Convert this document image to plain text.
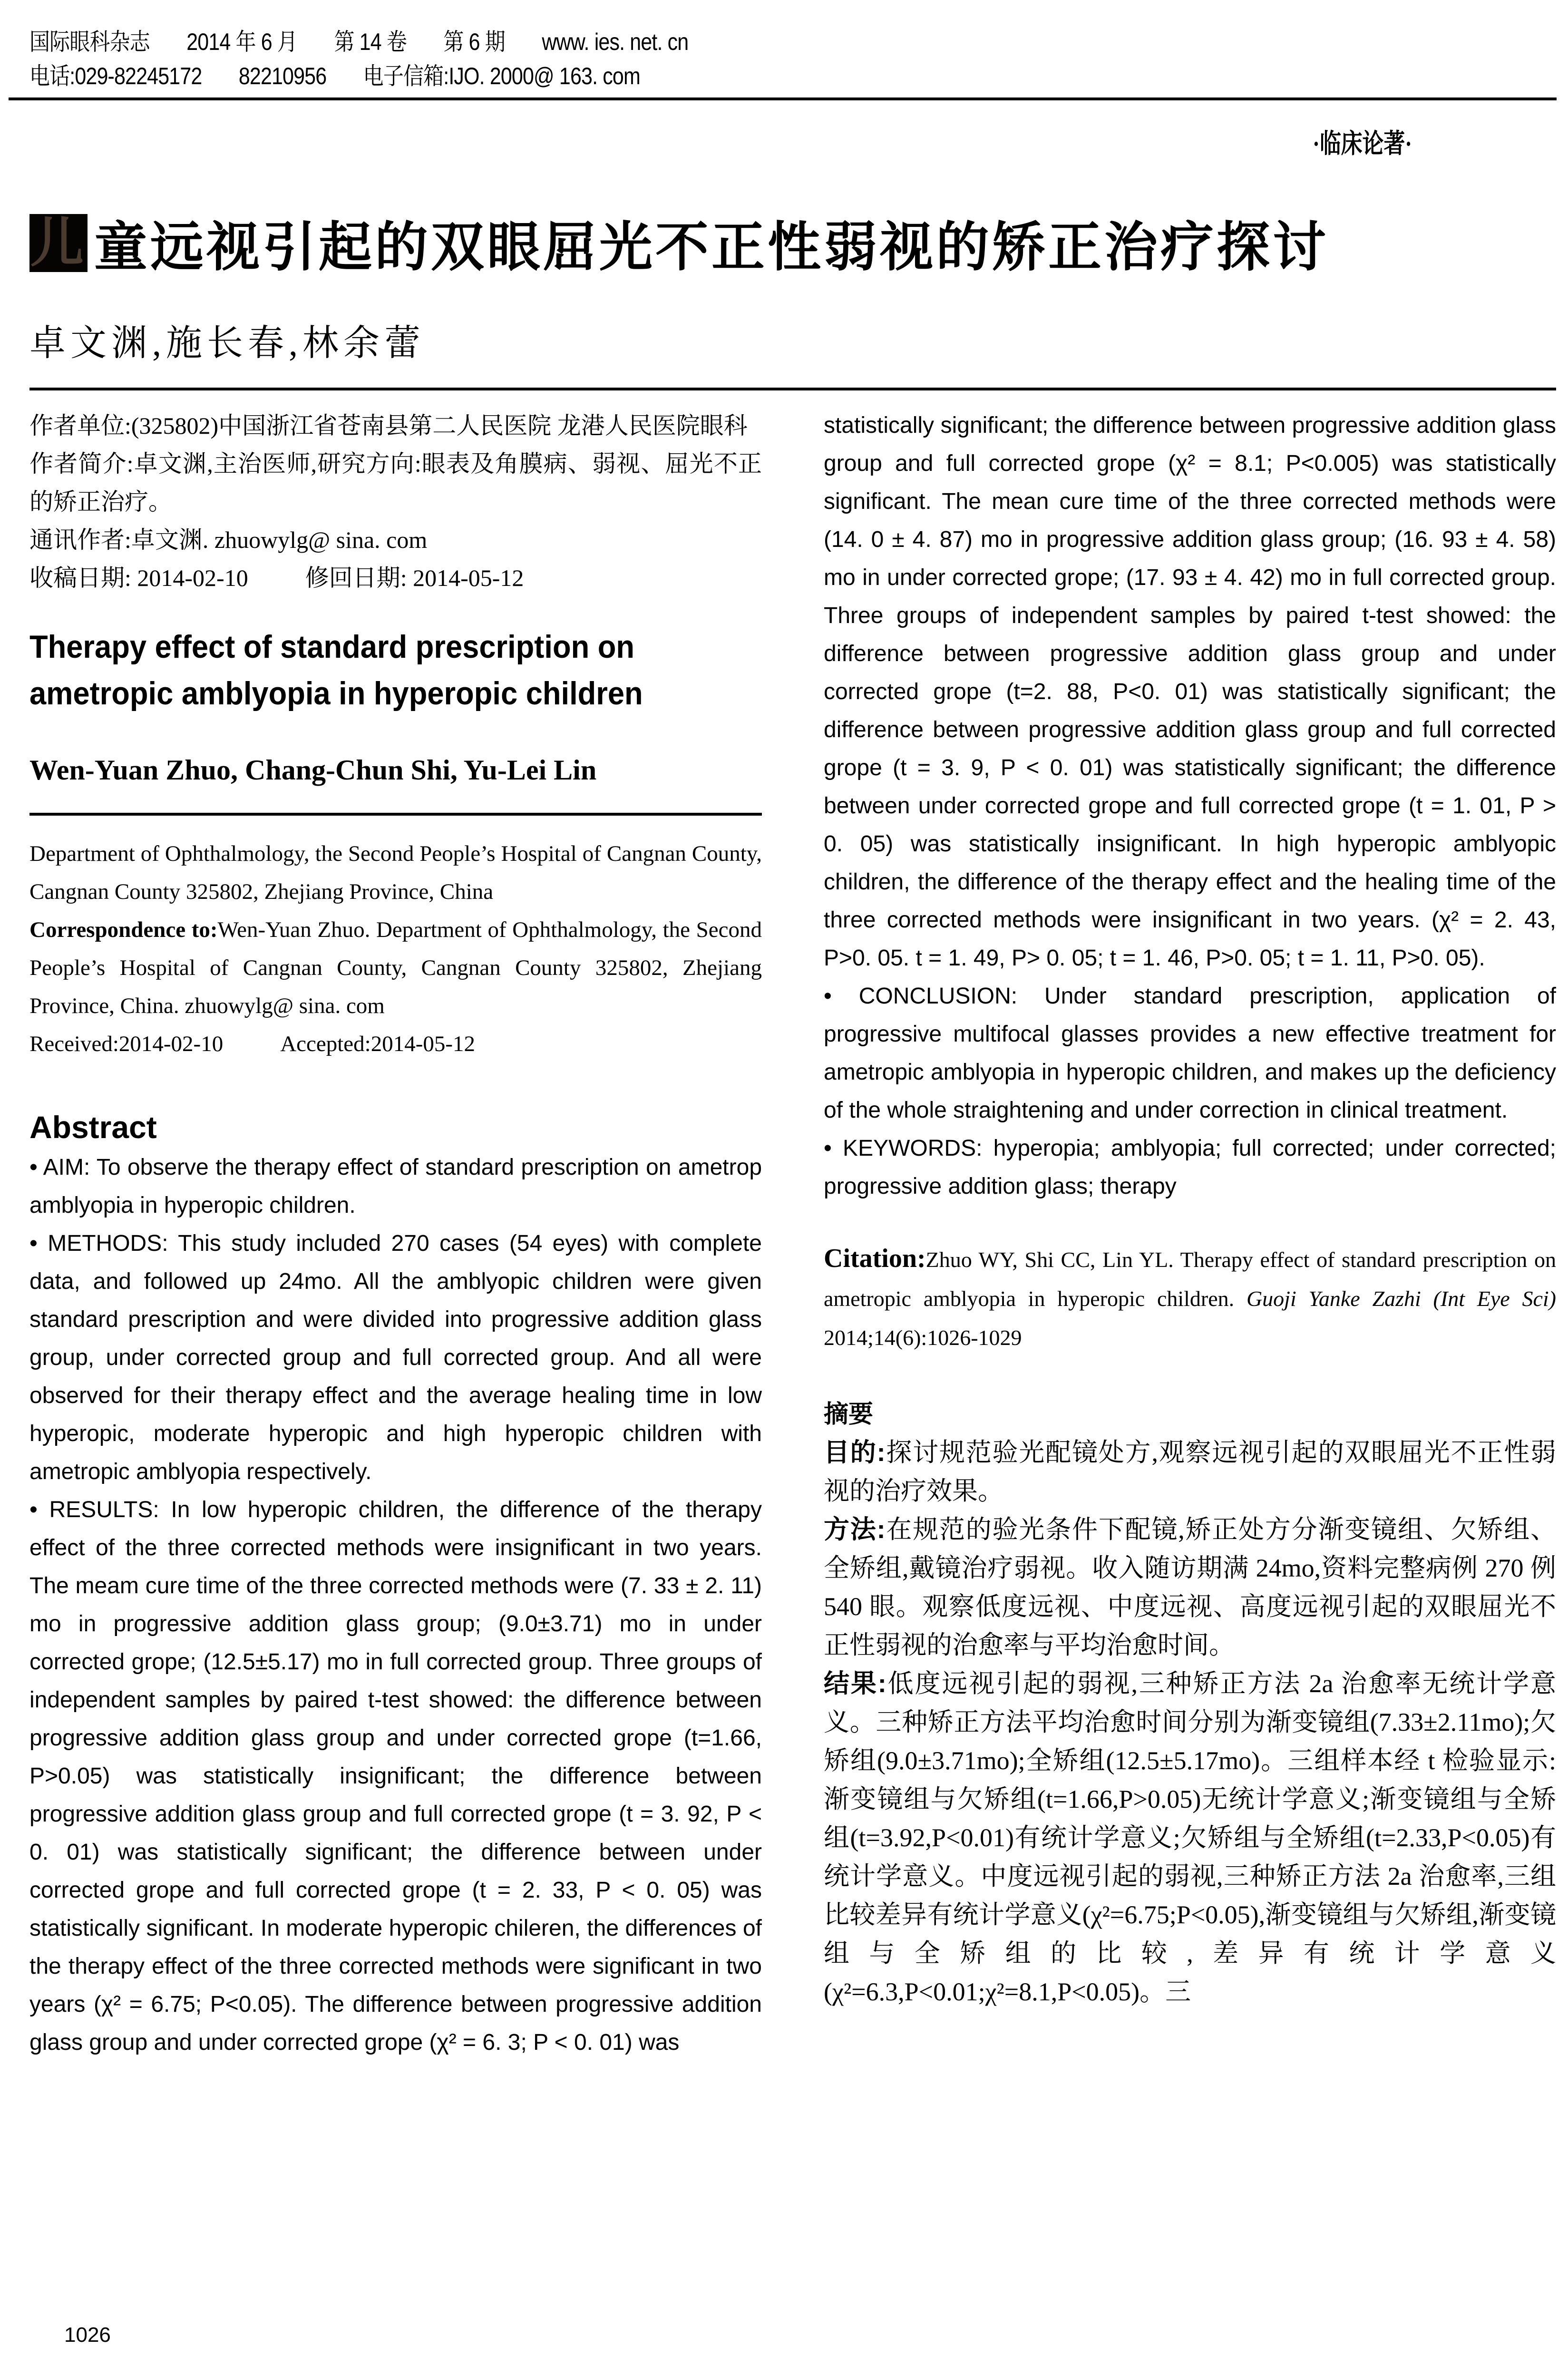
国际眼科杂志 2014 年 6 月 第 14 卷 第 6 期 www. ies. net. cn
电话:029-82245172 82210956 电子信箱:IJO. 2000@ 163. com
·临床论著·
儿 童远视引起的双眼屈光不正性弱视的矫正治疗探讨
卓文渊,施长春,林余蕾

作者单位:(325802)中国浙江省苍南县第二人民医院 龙港人民医院眼科

作者简介:卓文渊,主治医师,研究方向:眼表及角膜病、弱视、屈光不正的矫正治疗。

通讯作者:卓文渊. zhuowylg@ sina. com

收稿日期: 2014-02-10 修回日期: 2014-05-12

Therapy effect of standard prescription on ametropic amblyopia in hyperopic children
Wen-Yuan Zhuo, Chang-Chun Shi, Yu-Lei Lin

Department of Ophthalmology, the Second People’s Hospital of Cangnan County, Cangnan County 325802, Zhejiang Province, China

Correspondence to:Wen-Yuan Zhuo. Department of Ophthalmology, the Second People’s Hospital of Cangnan County, Cangnan County 325802, Zhejiang Province, China. zhuowylg@ sina. com

Received:2014-02-10	Accepted:2014-05-12

Abstract

• AIM: To observe the therapy effect of standard prescription on ametrop amblyopia in hyperopic children.

• METHODS: This study included 270 cases (54 eyes) with complete data, and followed up 24mo. All the amblyopic children were given standard prescription and were divided into progressive addition glass group, under corrected group and full corrected group. And all were observed for their therapy effect and the average healing time in low hyperopic, moderate hyperopic and high hyperopic children with ametropic amblyopia respectively.

• RESULTS: In low hyperopic children, the difference of the therapy effect of the three corrected methods were insignificant in two years. The meam cure time of the three corrected methods were (7. 33 ± 2. 11) mo in progressive addition glass group; (9.0±3.71) mo in under corrected grope; (12.5±5.17) mo in full corrected group. Three groups of independent samples by paired t-test showed: the difference between progressive addition glass group and under corrected grope (t=1.66, P>0.05) was statistically insignificant; the difference between progressive addition glass group and full corrected grope (t = 3. 92, P < 0. 01) was statistically significant; the difference between under corrected grope and full corrected grope (t = 2. 33, P < 0. 05) was statistically significant. In moderate hyperopic chileren, the differences of the therapy effect of the three corrected methods were significant in two years (χ² = 6.75; P<0.05). The difference between progressive addition glass group and under corrected grope (χ² = 6. 3; P < 0. 01) was

statistically significant; the difference between progressive addition glass group and full corrected grope (χ² = 8.1; P<0.005) was statistically significant. The mean cure time of the three corrected methods were (14. 0 ± 4. 87) mo in progressive addition glass group; (16. 93 ± 4. 58) mo in under corrected grope; (17. 93 ± 4. 42) mo in full corrected group. Three groups of independent samples by paired t-test showed: the difference between progressive addition glass group and under corrected grope (t=2. 88, P<0. 01) was statistically significant; the difference between progressive addition glass group and full corrected grope (t = 3. 9, P < 0. 01) was statistically significant; the difference between under corrected grope and full corrected grope (t = 1. 01, P > 0. 05) was statistically insignificant. In high hyperopic amblyopic children, the difference of the therapy effect and the healing time of the three corrected methods were insignificant in two years. (χ² = 2. 43, P>0. 05. t = 1. 49, P> 0. 05; t = 1. 46, P>0. 05; t = 1. 11, P>0. 05).

• CONCLUSION: Under standard prescription, application of progressive multifocal glasses provides a new effective treatment for ametropic amblyopia in hyperopic children, and makes up the deficiency of the whole straightening and under correction in clinical treatment.

• KEYWORDS: hyperopia; amblyopia; full corrected; under corrected; progressive addition glass; therapy

Citation:Zhuo WY, Shi CC, Lin YL. Therapy effect of standard prescription on ametropic amblyopia in hyperopic children. Guoji Yanke Zazhi (Int Eye Sci) 2014;14(6):1026-1029
摘要

目的:探讨规范验光配镜处方,观察远视引起的双眼屈光不正性弱视的治疗效果。

方法:在规范的验光条件下配镜,矫正处方分渐变镜组、欠矫组、全矫组,戴镜治疗弱视。收入随访期满 24mo,资料完整病例 270 例 540 眼。观察低度远视、中度远视、高度远视引起的双眼屈光不正性弱视的治愈率与平均治愈时间。

结果:低度远视引起的弱视,三种矫正方法 2a 治愈率无统计学意义。三种矫正方法平均治愈时间分别为渐变镜组(7.33±2.11mo);欠矫组(9.0±3.71mo);全矫组(12.5±5.17mo)。三组样本经 t 检验显示:渐变镜组与欠矫组(t=1.66,P>0.05)无统计学意义;渐变镜组与全矫组(t=3.92,P<0.01)有统计学意义;欠矫组与全矫组(t=2.33,P<0.05)有统计学意义。中度远视引起的弱视,三种矫正方法 2a 治愈率,三组比较差异有统计学意义(χ²=6.75;P<0.05),渐变镜组与欠矫组,渐变镜组与全矫组的比较,差异有统计学意义(χ²=6.3,P<0.01;χ²=8.1,P<0.05)。三

1026
